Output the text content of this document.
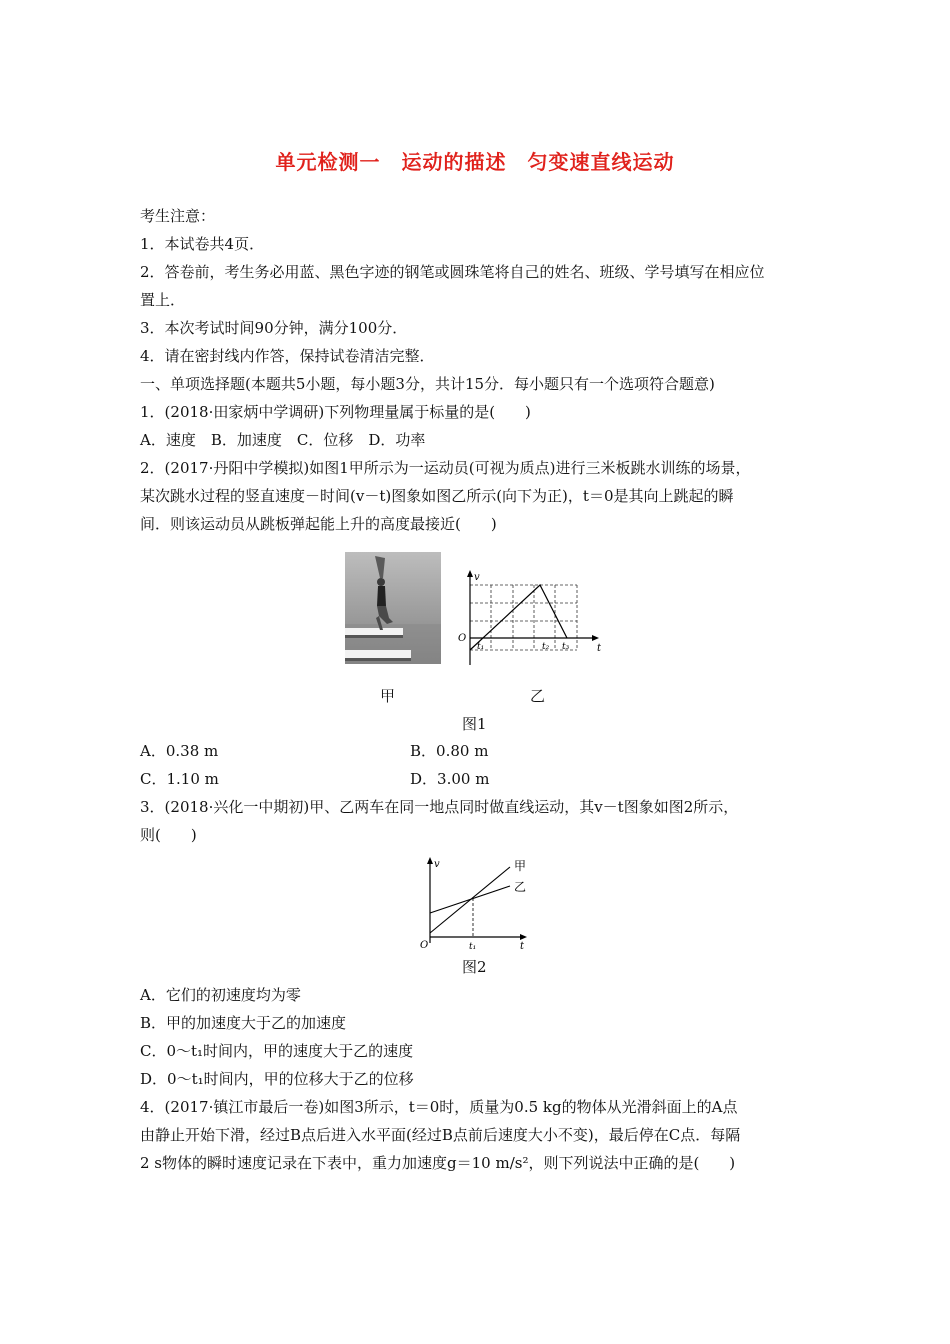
单元检测一　运动的描述　匀变速直线运动
考生注意：
1．本试卷共4页．
2．答卷前，考生务必用蓝、黑色字迹的钢笔或圆珠笔将自己的姓名、班级、学号填写在相应位
置上．
3．本次考试时间90分钟，满分100分．
4．请在密封线内作答，保持试卷清洁完整．
一、单项选择题(本题共5小题，每小题3分，共计15分．每小题只有一个选项符合题意)
1．(2018·田家炳中学调研)下列物理量属于标量的是(　　)
A．速度　B．加速度　C．位移　D．功率
2．(2017·丹阳中学模拟)如图1甲所示为一运动员(可视为质点)进行三米板跳水训练的场景，
某次跳水过程的竖直速度－时间(v－t)图象如图乙所示(向下为正)，t＝0是其向上跳起的瞬
间．则该运动员从跳板弹起能上升的高度最接近(　　)
甲
v
O
t
t₁	t₂ t₃
乙
图1
A．0.38 m	B．0.80 m
C．1.10 m	D．3.00 m
3．(2018·兴化一中期初)甲、乙两车在同一地点同时做直线运动，其v－t图象如图2所示，
则(　　)
v
O	t
t₁
甲
乙
图2
A．它们的初速度均为零
B．甲的加速度大于乙的加速度
C．0～t₁时间内，甲的速度大于乙的速度
D．0～t₁时间内，甲的位移大于乙的位移
4．(2017·镇江市最后一卷)如图3所示，t＝0时，质量为0.5 kg的物体从光滑斜面上的A点
由静止开始下滑，经过B点后进入水平面(经过B点前后速度大小不变)，最后停在C点．每隔
2 s物体的瞬时速度记录在下表中，重力加速度g＝10 m/s²，则下列说法中正确的是(　　)
